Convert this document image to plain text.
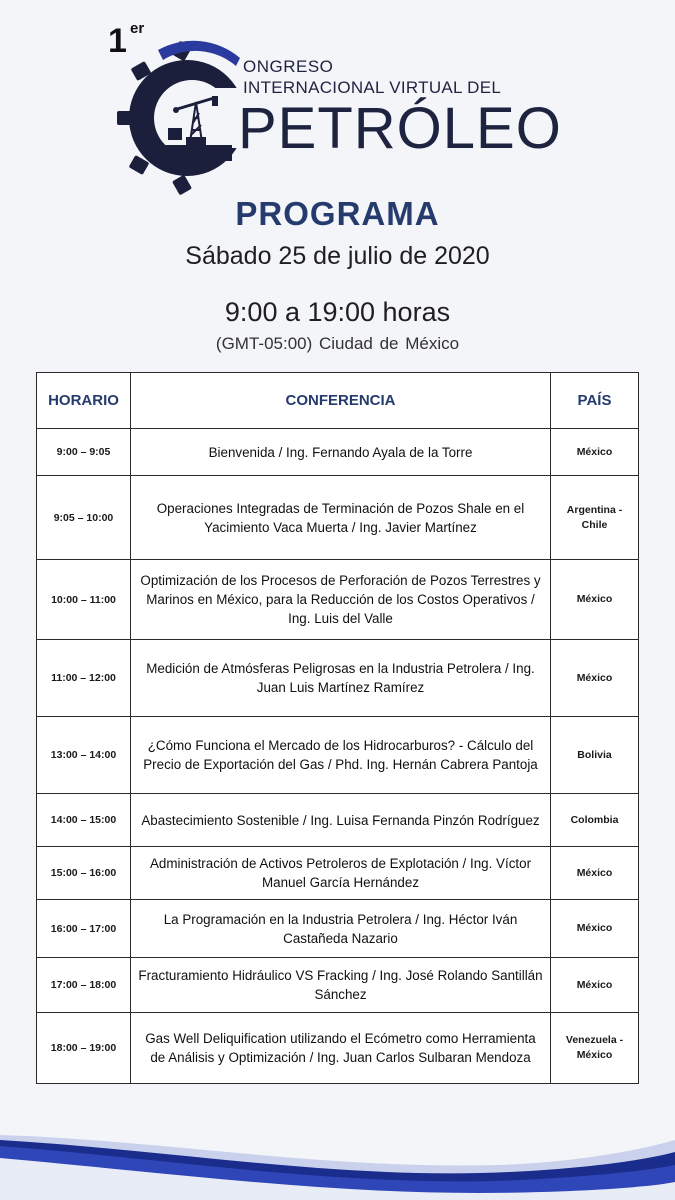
1 er
ONGRESO
INTERNACIONAL VIRTUAL DEL
PETRÓLEO
PROGRAMA
Sábado 25 de julio de 2020
9:00 a 19:00 horas
(GMT-05:00) Ciudad de México
HORARIO	CONFERENCIA	PAÍS
9:00 – 9:05	Bienvenida / Ing. Fernando Ayala de la Torre	México
9:05 – 10:00	Operaciones Integradas de Terminación de Pozos Shale en el Yacimiento Vaca Muerta / Ing. Javier Martínez	Argentina - Chile
10:00 – 11:00	Optimización de los Procesos de Perforación de Pozos Terrestres y Marinos en México, para la Reducción de los Costos Operativos / Ing. Luis del Valle	México
11:00 – 12:00	Medición de Atmósferas Peligrosas en la Industria Petrolera / Ing. Juan Luis Martínez Ramírez	México
13:00 – 14:00	¿Cómo Funciona el Mercado de los Hidrocarburos? - Cálculo del Precio de Exportación del Gas / Phd. Ing. Hernán Cabrera Pantoja	Bolivia
14:00 – 15:00	Abastecimiento Sostenible / Ing. Luisa Fernanda Pinzón Rodríguez	Colombia
15:00 – 16:00	Administración de Activos Petroleros de Explotación / Ing. Víctor Manuel García Hernández	México
16:00 – 17:00	La Programación en la Industria Petrolera / Ing. Héctor Iván Castañeda Nazario	México
17:00 – 18:00	Fracturamiento Hidráulico VS Fracking / Ing. José Rolando Santillán Sánchez	México
18:00 – 19:00	Gas Well Deliquification utilizando el Ecómetro como Herramienta de Análisis y Optimización / Ing. Juan Carlos Sulbaran Mendoza	Venezuela - México
